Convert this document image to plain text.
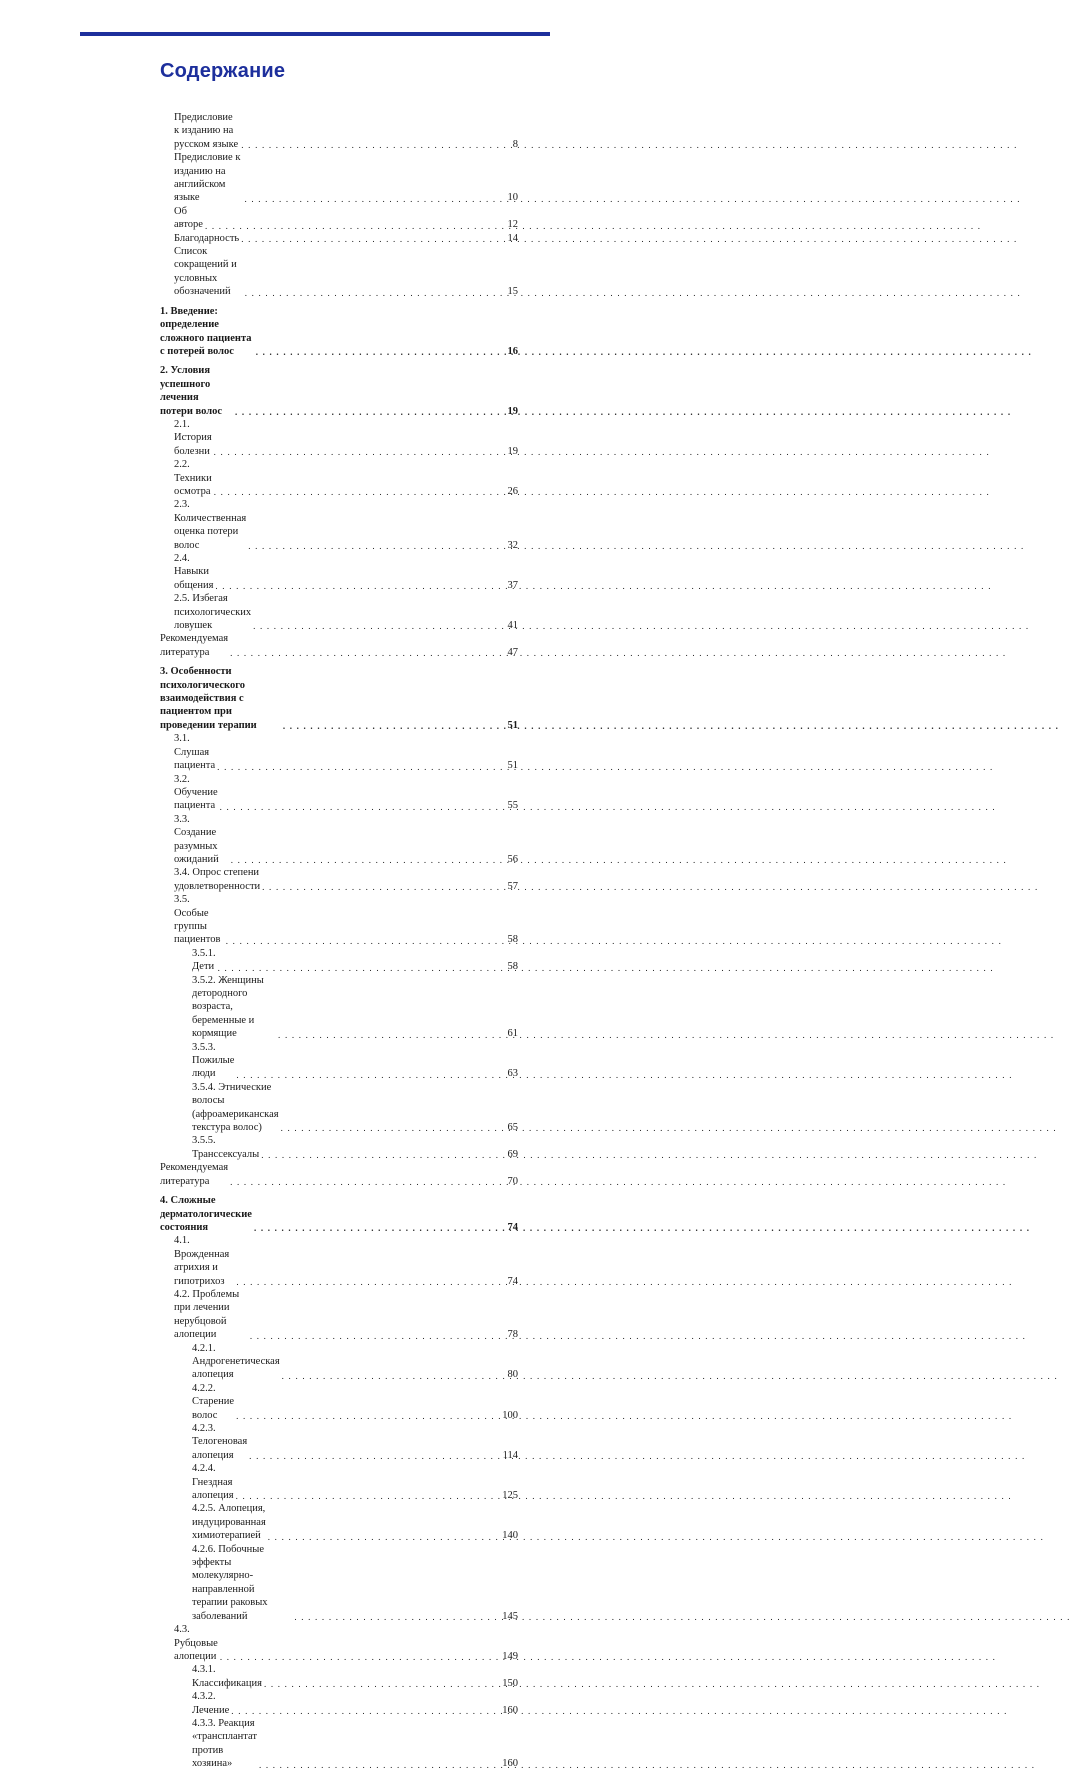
Содержание
Предисловие к изданию на русском языке . . .	8
Предисловие к изданию на английском языке . . .	10
Об авторе . . .	12
Благодарность . . .	14
Список сокращений и условных обозначений . . .	15
1. Введение: определение сложного пациента с потерей волос . . .	16
2. Условия успешного лечения потери волос . . .	19
2.1. История болезни . . .	19
2.2. Техники осмотра . . .	26
2.3. Количественная оценка потери волос . . .	32
2.4. Навыки общения . . .	37
2.5. Избегая психологических ловушек . . .	41
Рекомендуемая литература . . .	47
3. Особенности психологического взаимодействия с пациентом при проведении терапии . . .	51
3.1. Слушая пациента . . .	51
3.2. Обучение пациента . . .	55
3.3. Создание разумных ожиданий . . .	56
3.4. Опрос степени удовлетворенности . . .	57
3.5. Особые группы пациентов . . .	58
3.5.1. Дети . . .	58
3.5.2. Женщины детородного возраста, беременные и кормящие . . .	61
3.5.3. Пожилые люди . . .	63
3.5.4. Этнические волосы (афроамериканская текстура волос) . . .	65
3.5.5. Транссексуалы . . .	69
Рекомендуемая литература . . .	70
4. Сложные дерматологические состояния . . .	74
4.1. Врожденная атрихия и гипотрихоз . . .	74
4.2. Проблемы при лечении нерубцовой алопеции . . .	78
4.2.1. Андрогенетическая алопеция . . .	80
4.2.2. Старение волос . . .	100
4.2.3. Телогеновая алопеция . . .	114
4.2.4. Гнездная алопеция . . .	125
4.2.5. Алопеция, индуцированная химиотерапией . . .	140
4.2.6. Побочные эффекты молекулярно-направленной терапии раковых заболеваний . . .	145
4.3. Рубцовые алопеции . . .	149
4.3.1. Классификация . . .	150
4.3.2. Лечение . . .	160
4.3.3. Реакция «трансплантат против хозяина» . . .	160
